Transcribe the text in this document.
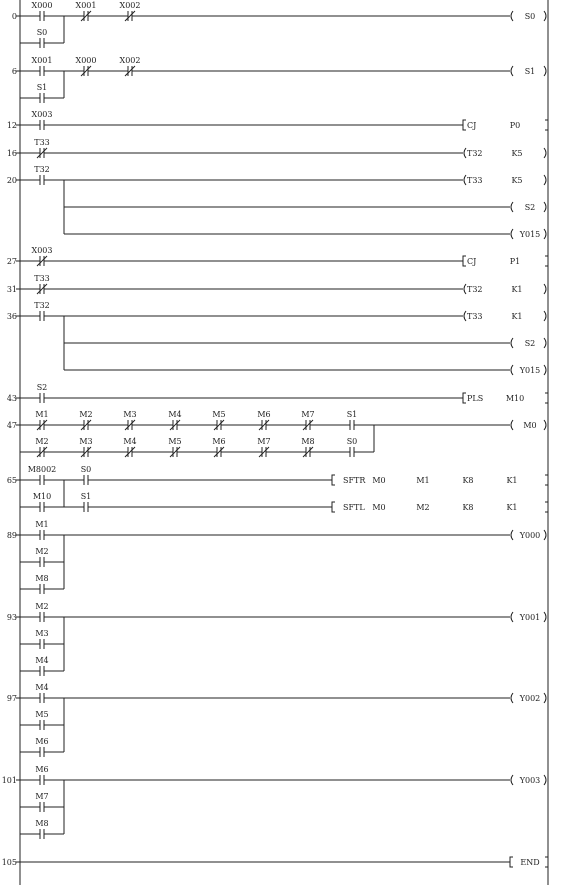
0
X000	X001	X002
S0
S0
6
X001	X000	X002
S1
S1
12
X003
CJ	P0
16
T33
T32	K5
20
T32
S2
Y015
T33	K5
27
X003
CJ	P1
31
T33
T32	K1
36
T32
S2
Y015
T33	K1
43
S2
PLS	M10
47
M1	M2	M3	M4	M5	M6	M7	S1
M2	M3	M4	M5	M6	M7	M8	S0
M0
65
M8002	S0
M10	S1
SFTL M0	M2	K8	K1
SFTR M0	M1	K8	K1
89
M1
M2
M8
Y000
93
M2
M3
M4
Y001
97
M4
M5
M6
Y002
101
M6
M7
M8
Y003
105	END
